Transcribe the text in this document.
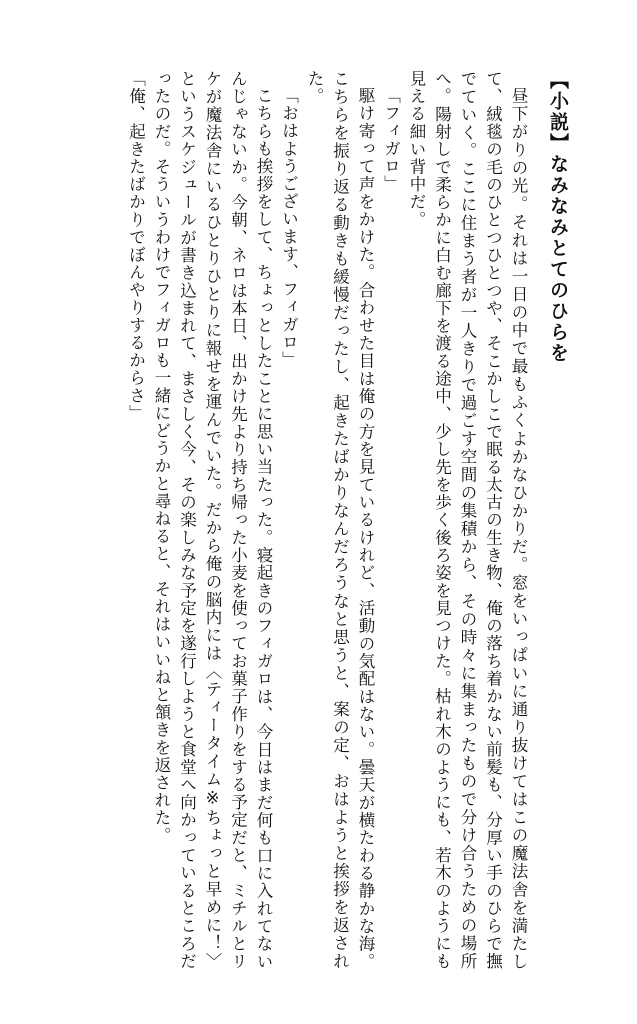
【小説】なみなみとてのひらを

昼下がりの光。それは一日の中で最もふくよかなひかりだ。窓をいっぱいに通り抜けてはこの魔法舎を満たして、絨毯の毛のひとつひとつや、そこかしこで眠る太古の生き物、俺の落ち着かない前髪も、分厚い手のひらで撫でていく。ここに住まう者が一人きりで過ごす空間の集積から、その時々に集まったもので分け合うための場所へ。陽射しで柔らかに白む廊下を渡る途中、少し先を歩く後ろ姿を見つけた。枯れ木のようにも、若木のようにも見える細い背中だ。

「フィガロ」

駆け寄って声をかけた。合わせた目は俺の方を見ているけれど、活動の気配はない。曇天が横たわる静かな海。こちらを振り返る動きも緩慢だったし、起きたばかりなんだろうなと思うと、案の定、おはようと挨拶を返された。

「おはようございます、フィガロ」

こちらも挨拶をして、ちょっとしたことに思い当たった。寝起きのフィガロは、今日はまだ何も口に入れてないんじゃないか。今朝、ネロは本日、出かけ先より持ち帰った小麦を使ってお菓子作りをする予定だと、ミチルとリケが魔法舎にいるひとりひとりに報せを運んでいた。だから俺の脳内には〈ティータイム※ちょっと早めに！〉というスケジュールが書き込まれて、まさしく今、その楽しみな予定を遂行しようと食堂へ向かっているところだったのだ。そういうわけでフィガロも一緒にどうかと尋ねると、それはいいねと頷きを返された。

「俺、起きたばかりでぼんやりするからさ」
